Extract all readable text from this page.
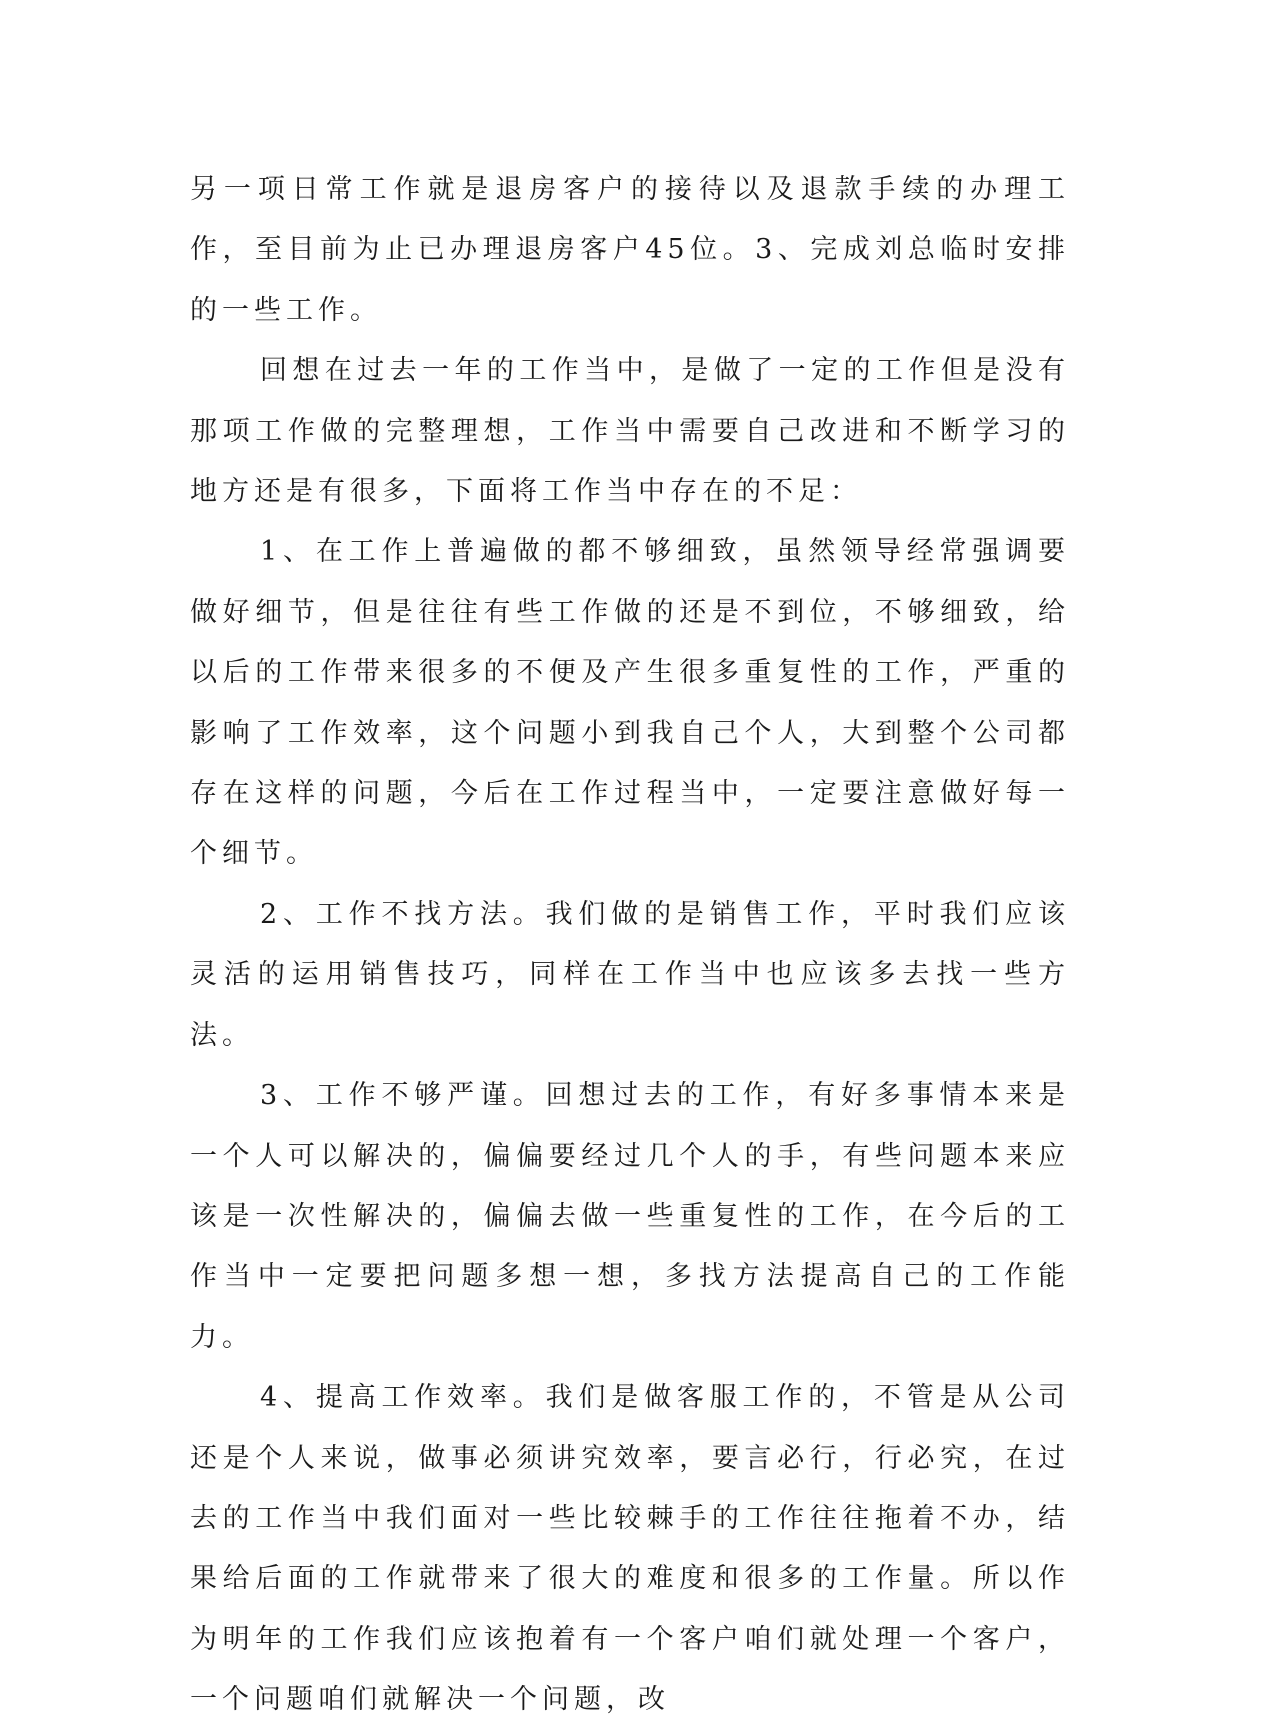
另一项日常工作就是退房客户的接待以及退款手续的办理工作，至目前为止已办理退房客户45位。3、完成刘总临时安排的一些工作。

回想在过去一年的工作当中，是做了一定的工作但是没有那项工作做的完整理想，工作当中需要自己改进和不断学习的地方还是有很多，下面将工作当中存在的不足：

1、在工作上普遍做的都不够细致，虽然领导经常强调要做好细节，但是往往有些工作做的还是不到位，不够细致，给以后的工作带来很多的不便及产生很多重复性的工作，严重的影响了工作效率，这个问题小到我自己个人，大到整个公司都存在这样的问题，今后在工作过程当中，一定要注意做好每一个细节。

2、工作不找方法。我们做的是销售工作，平时我们应该灵活的运用销售技巧，同样在工作当中也应该多去找一些方法。

3、工作不够严谨。回想过去的工作，有好多事情本来是一个人可以解决的，偏偏要经过几个人的手，有些问题本来应该是一次性解决的，偏偏去做一些重复性的工作，在今后的工作当中一定要把问题多想一想，多找方法提高自己的工作能力。

4、提高工作效率。我们是做客服工作的，不管是从公司还是个人来说，做事必须讲究效率，要言必行，行必究，在过去的工作当中我们面对一些比较棘手的工作往往拖着不办，结果给后面的工作就带来了很大的难度和很多的工作量。所以作为明年的工作我们应该抱着有一个客户咱们就处理一个客户，一个问题咱们就解决一个问题，改
